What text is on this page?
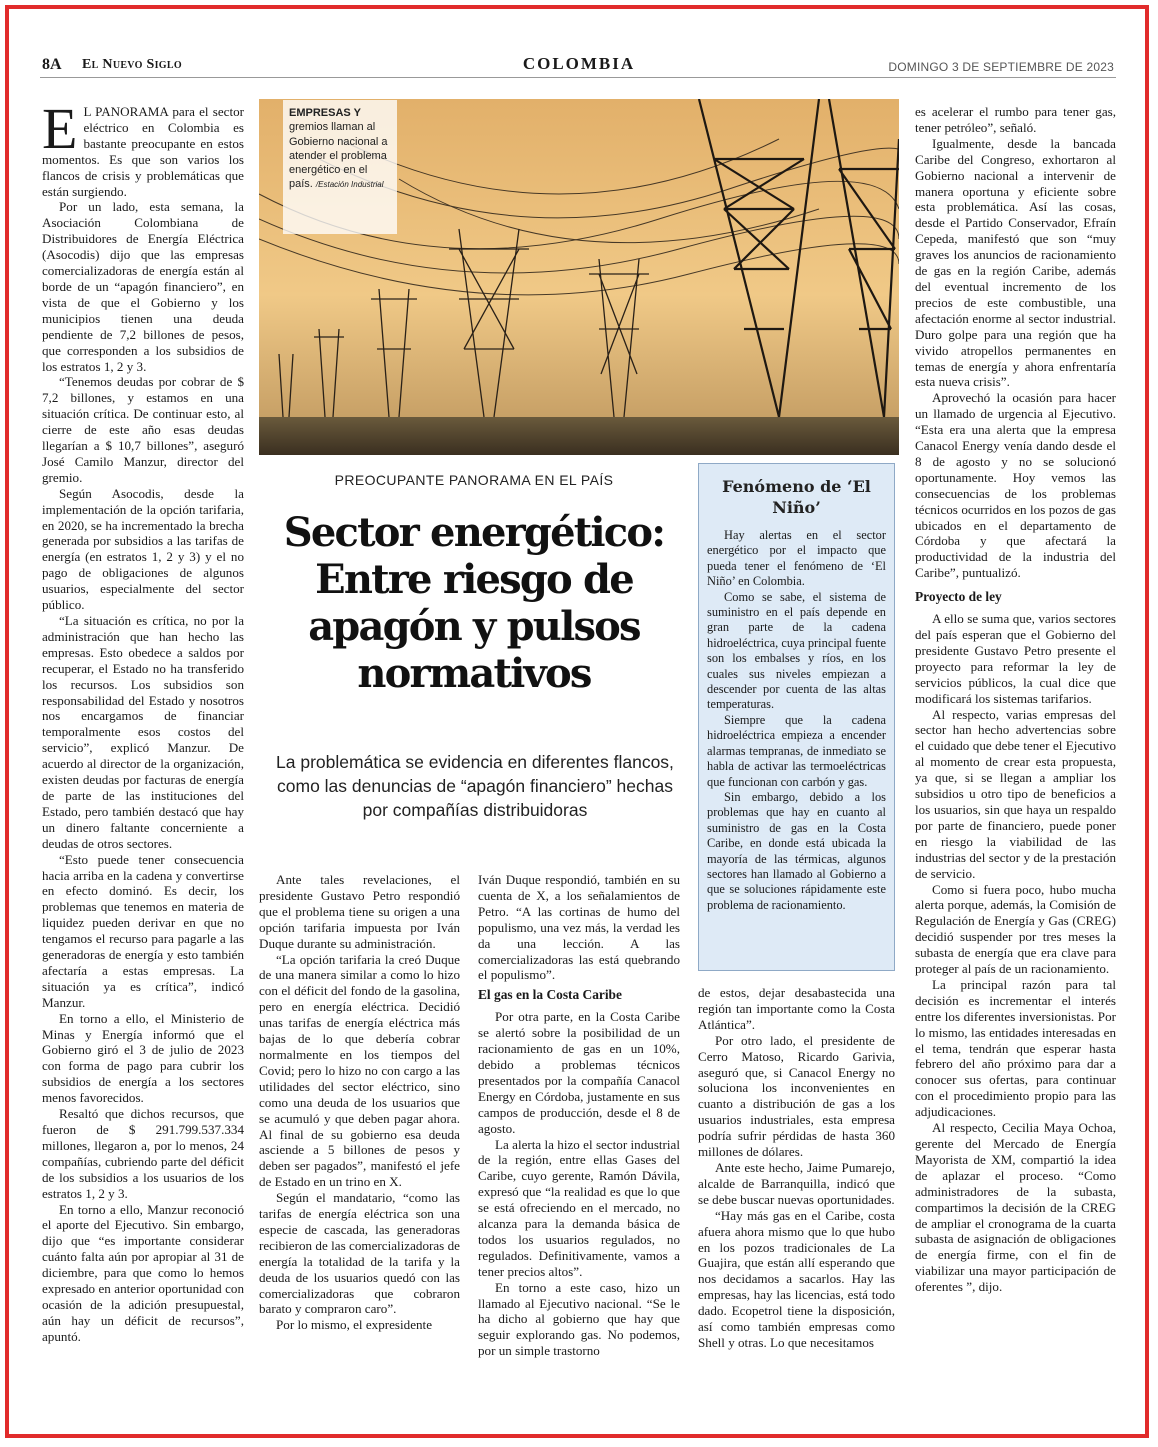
8A El Nuevo Siglo	COLOMBIA	DOMINGO 3 DE SEPTIEMBRE DE 2023
E L PANORAMA para el sector eléctrico en Colombia es bastante preocupante en estos momentos. Es que son varios los flancos de crisis y problemáticas que están surgiendo.

Por un lado, esta semana, la Asociación Colombiana de Distribuidores de Energía Eléctrica (Asocodis) dijo que las empresas comercializadoras de energía están al borde de un “apagón financiero”, en vista de que el Gobierno y los municipios tienen una deuda pendiente de 7,2 billones de pesos, que corresponden a los subsidios de los estratos 1, 2 y 3.

“Tenemos deudas por cobrar de $ 7,2 billones, y estamos en una situación crítica. De continuar esto, al cierre de este año esas deudas llegarían a $ 10,7 billones”, aseguró José Camilo Manzur, director del gremio.

Según Asocodis, desde la implementación de la opción tarifaria, en 2020, se ha incrementado la brecha generada por subsidios a las tarifas de energía (en estratos 1, 2 y 3) y el no pago de obligaciones de algunos usuarios, especialmente del sector público.

“La situación es crítica, no por la administración que han hecho las empresas. Esto obedece a saldos por recuperar, el Estado no ha transferido los recursos. Los subsidios son responsabilidad del Estado y nosotros nos encargamos de financiar temporalmente esos costos del servicio”, explicó Manzur. De acuerdo al director de la organización, existen deudas por facturas de energía de parte de las instituciones del Estado, pero también destacó que hay un dinero faltante concerniente a deudas de otros sectores.

“Esto puede tener consecuencia hacia arriba en la cadena y convertirse en efecto dominó. Es decir, los problemas que tenemos en materia de liquidez pueden derivar en que no tengamos el recurso para pagarle a las generadoras de energía y esto también afectaría a estas empresas. La situación ya es crítica”, indicó Manzur.

En torno a ello, el Ministerio de Minas y Energía informó que el Gobierno giró el 3 de julio de 2023 con forma de pago para cubrir los subsidios de energía a los sectores menos favorecidos.

Resaltó que dichos recursos, que fueron de $ 291.799.537.334 millones, llegaron a, por lo menos, 24 compañías, cubriendo parte del déficit de los subsidios a los usuarios de los estratos 1, 2 y 3.

En torno a ello, Manzur reconoció el aporte del Ejecutivo. Sin embargo, dijo que “es importante considerar cuánto falta aún por apropiar al 31 de diciembre, para que como lo hemos expresado en anterior oportunidad con ocasión de la adición presupuestal, aún hay un déficit de recursos”, apuntó.

EMPRESAS Y gremios llaman al Gobierno nacional a atender el problema energético en el país. /Estación Industrial
PREOCUPANTE PANORAMA EN EL PAÍS
Sector energético: Entre riesgo de apagón y pulsos normativos
La problemática se evidencia en diferentes flancos, como las denuncias de “apagón financiero” hechas por compañías distribuidoras
Fenómeno de ‘El Niño’

Hay alertas en el sector energético por el impacto que pueda tener el fenómeno de ‘El Niño’ en Colombia.

Como se sabe, el sistema de suministro en el país depende en gran parte de la cadena hidroeléctrica, cuya principal fuente son los embalses y ríos, en los cuales sus niveles empiezan a descender por cuenta de las altas temperaturas.

Siempre que la cadena hidroeléctrica empieza a encender alarmas tempranas, de inmediato se habla de activar las termoeléctricas que funcionan con carbón y gas.

Sin embargo, debido a los problemas que hay en cuanto al suministro de gas en la Costa Caribe, en donde está ubicada la mayoría de las térmicas, algunos sectores han llamado al Gobierno a que se soluciones rápidamente este problema de racionamiento.

Ante tales revelaciones, el presidente Gustavo Petro respondió que el problema tiene su origen a una opción tarifaria impuesta por Iván Duque durante su administración.

“La opción tarifaria la creó Duque de una manera similar a como lo hizo con el déficit del fondo de la gasolina, pero en energía eléctrica. Decidió unas tarifas de energía eléctrica más bajas de lo que debería cobrar normalmente en los tiempos del Covid; pero lo hizo no con cargo a las utilidades del sector eléctrico, sino como una deuda de los usuarios que se acumuló y que deben pagar ahora. Al final de su gobierno esa deuda asciende a 5 billones de pesos y deben ser pagados”, manifestó el jefe de Estado en un trino en X.

Según el mandatario, “como las tarifas de energía eléctrica son una especie de cascada, las generadoras recibieron de las comercializadoras de energía la totalidad de la tarifa y la deuda de los usuarios quedó con las comercializadoras que cobraron barato y compraron caro”.

Por lo mismo, el expresidente

Iván Duque respondió, también en su cuenta de X, a los señalamientos de Petro. “A las cortinas de humo del populismo, una vez más, la verdad les da una lección. A las comercializadoras las está quebrando el populismo”.

El gas en la Costa Caribe

Por otra parte, en la Costa Caribe se alertó sobre la posibilidad de un racionamiento de gas en un 10%, debido a problemas técnicos presentados por la compañía Canacol Energy en Córdoba, justamente en sus campos de producción, desde el 8 de agosto.

La alerta la hizo el sector industrial de la región, entre ellas Gases del Caribe, cuyo gerente, Ramón Dávila, expresó que “la realidad es que lo que se está ofreciendo en el mercado, no alcanza para la demanda básica de todos los usuarios regulados, no regulados. Definitivamente, vamos a tener precios altos”.

En torno a este caso, hizo un llamado al Ejecutivo nacional. “Se le ha dicho al gobierno que hay que seguir explorando gas. No podemos, por un simple trastorno

de estos, dejar desabastecida una región tan importante como la Costa Atlántica”.

Por otro lado, el presidente de Cerro Matoso, Ricardo Garivia, aseguró que, si Canacol Energy no soluciona los inconvenientes en cuanto a distribución de gas a los usuarios industriales, esta empresa podría sufrir pérdidas de hasta 360 millones de dólares.

Ante este hecho, Jaime Pumarejo, alcalde de Barranquilla, indicó que se debe buscar nuevas oportunidades.

“Hay más gas en el Caribe, costa afuera ahora mismo que lo que hubo en los pozos tradicionales de La Guajira, que están allí esperando que nos decidamos a sacarlos. Hay las empresas, hay las licencias, está todo dado. Ecopetrol tiene la disposición, así como también empresas como Shell y otras. Lo que necesitamos

es acelerar el rumbo para tener gas, tener petróleo”, señaló.

Igualmente, desde la bancada Caribe del Congreso, exhortaron al Gobierno nacional a intervenir de manera oportuna y eficiente sobre esta problemática. Así las cosas, desde el Partido Conservador, Efraín Cepeda, manifestó que son “muy graves los anuncios de racionamiento de gas en la región Caribe, además del eventual incremento de los precios de este combustible, una afectación enorme al sector industrial. Duro golpe para una región que ha vivido atropellos permanentes en temas de energía y ahora enfrentaría esta nueva crisis”.

Aprovechó la ocasión para hacer un llamado de urgencia al Ejecutivo. “Esta era una alerta que la empresa Canacol Energy venía dando desde el 8 de agosto y no se solucionó oportunamente. Hoy vemos las consecuencias de los problemas técnicos ocurridos en los pozos de gas ubicados en el departamento de Córdoba y que afectará la productividad de la industria del Caribe”, puntualizó.

Proyecto de ley

A ello se suma que, varios sectores del país esperan que el Gobierno del presidente Gustavo Petro presente el proyecto para reformar la ley de servicios públicos, la cual dice que modificará los sistemas tarifarios.

Al respecto, varias empresas del sector han hecho advertencias sobre el cuidado que debe tener el Ejecutivo al momento de crear esta propuesta, ya que, si se llegan a ampliar los subsidios u otro tipo de beneficios a los usuarios, sin que haya un respaldo por parte de financiero, puede poner en riesgo la viabilidad de las industrias del sector y de la prestación de servicio.

Como si fuera poco, hubo mucha alerta porque, además, la Comisión de Regulación de Energía y Gas (CREG) decidió suspender por tres meses la subasta de energía que era clave para proteger al país de un racionamiento.

La principal razón para tal decisión es incrementar el interés entre los diferentes inversionistas. Por lo mismo, las entidades interesadas en el tema, tendrán que esperar hasta febrero del año próximo para dar a conocer sus ofertas, para continuar con el procedimiento propio para las adjudicaciones.

Al respecto, Cecilia Maya Ochoa, gerente del Mercado de Energía Mayorista de XM, compartió la idea de aplazar el proceso. “Como administradores de la subasta, compartimos la decisión de la CREG de ampliar el cronograma de la cuarta subasta de asignación de obligaciones de energía firme, con el fin de viabilizar una mayor participación de oferentes ”, dijo.
